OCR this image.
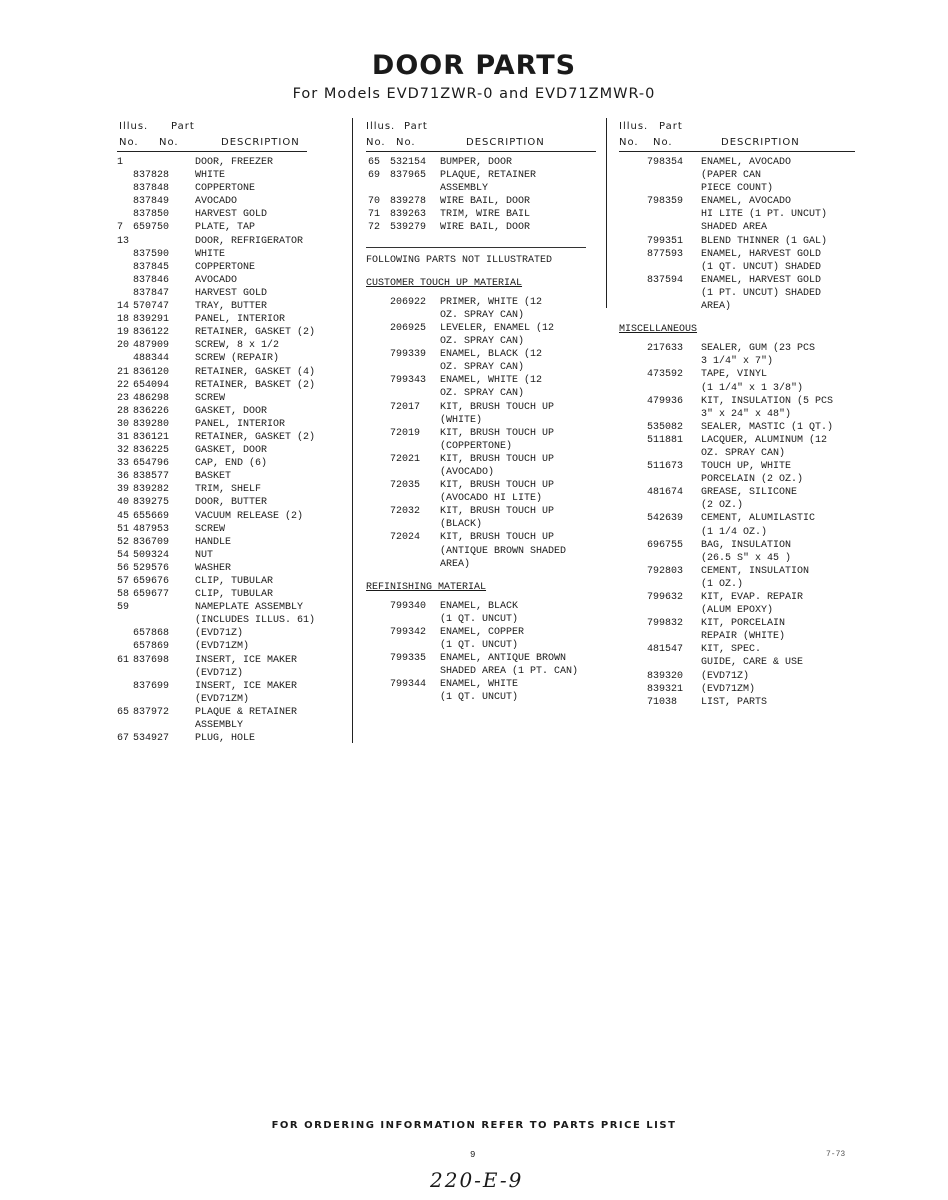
DOOR PARTS
For Models EVD71ZWR-0 and EVD71ZMWR-0
Illus. Part
No. No.	DESCRIPTION
1	DOOR, FREEZER
837828	WHITE
837848	COPPERTONE
837849	AVOCADO
837850	HARVEST GOLD
7 659750	PLATE, TAP
13	DOOR, REFRIGERATOR
837590	WHITE
837845	COPPERTONE
837846	AVOCADO
837847	HARVEST GOLD
14 570747	TRAY, BUTTER
18 839291	PANEL, INTERIOR
19 836122	RETAINER, GASKET (2)
20 487909	SCREW, 8 x 1/2
488344	SCREW (REPAIR)
21 836120	RETAINER, GASKET (4)
22 654094	RETAINER, BASKET (2)
23 486298	SCREW
28 836226	GASKET, DOOR
30 839280	PANEL, INTERIOR
31 836121	RETAINER, GASKET (2)
32 836225	GASKET, DOOR
33 654796	CAP, END (6)
36 838577	BASKET
39 839282	TRIM, SHELF
40 839275	DOOR, BUTTER
45 655669	VACUUM RELEASE (2)
51 487953	SCREW
52 836709	HANDLE
54 509324	NUT
56 529576	WASHER
57 659676	CLIP, TUBULAR
58 659677	CLIP, TUBULAR
59	NAMEPLATE ASSEMBLY
(INCLUDES ILLUS. 61)
657868	(EVD71Z)
657869	(EVD71ZM)
61 837698	INSERT, ICE MAKER
(EVD71Z)
837699	INSERT, ICE MAKER
(EVD71ZM)
65 837972	PLAQUE & RETAINER
ASSEMBLY
67 534927	PLUG, HOLE
Illus. Part
No. No.	DESCRIPTION
65 532154	BUMPER, DOOR
69 837965	PLAQUE, RETAINER
ASSEMBLY
70 839278	WIRE BAIL, DOOR
71 839263	TRIM, WIRE BAIL
72 539279	WIRE BAIL, DOOR
FOLLOWING PARTS NOT ILLUSTRATED
CUSTOMER TOUCH UP MATERIAL
206922	PRIMER, WHITE (12
OZ. SPRAY CAN)
206925	LEVELER, ENAMEL (12
OZ. SPRAY CAN)
799339	ENAMEL, BLACK (12
OZ. SPRAY CAN)
799343	ENAMEL, WHITE (12
OZ. SPRAY CAN)
72017	KIT, BRUSH TOUCH UP
(WHITE)
72019	KIT, BRUSH TOUCH UP
(COPPERTONE)
72021	KIT, BRUSH TOUCH UP
(AVOCADO)
72035	KIT, BRUSH TOUCH UP
(AVOCADO HI LITE)
72032	KIT, BRUSH TOUCH UP
(BLACK)
72024	KIT, BRUSH TOUCH UP
(ANTIQUE BROWN SHADED
AREA)
REFINISHING MATERIAL
799340	ENAMEL, BLACK
(1 QT. UNCUT)
799342	ENAMEL, COPPER
(1 QT. UNCUT)
799335	ENAMEL, ANTIQUE BROWN
SHADED AREA (1 PT. CAN)
799344	ENAMEL, WHITE
(1 QT. UNCUT)
Illus. Part
No. No.	DESCRIPTION
798354	ENAMEL, AVOCADO
(PAPER CAN
PIECE COUNT)
798359	ENAMEL, AVOCADO
HI LITE (1 PT. UNCUT)
SHADED AREA
799351	BLEND THINNER (1 GAL)
877593	ENAMEL, HARVEST GOLD
(1 QT. UNCUT) SHADED
837594	ENAMEL, HARVEST GOLD
(1 PT. UNCUT) SHADED
AREA)
MISCELLANEOUS
217633	SEALER, GUM (23 PCS
3 1/4" x 7")
473592	TAPE, VINYL
(1 1/4" x 1 3/8")
479936	KIT, INSULATION (5 PCS
3" x 24" x 48")
535082	SEALER, MASTIC (1 QT.)
511881	LACQUER, ALUMINUM (12
OZ. SPRAY CAN)
511673	TOUCH UP, WHITE
PORCELAIN (2 OZ.)
481674	GREASE, SILICONE
(2 OZ.)
542639	CEMENT, ALUMILASTIC
(1 1/4 OZ.)
696755	BAG, INSULATION
(26.5 S" x 45 )
792803	CEMENT, INSULATION
(1 OZ.)
799632	KIT, EVAP. REPAIR
(ALUM EPOXY)
799832	KIT, PORCELAIN
REPAIR (WHITE)
481547	KIT, SPEC.
GUIDE, CARE & USE
839320	(EVD71Z)
839321	(EVD71ZM)
71038	LIST, PARTS
FOR ORDERING INFORMATION REFER TO PARTS PRICE LIST
9	7-73
220-E-9
